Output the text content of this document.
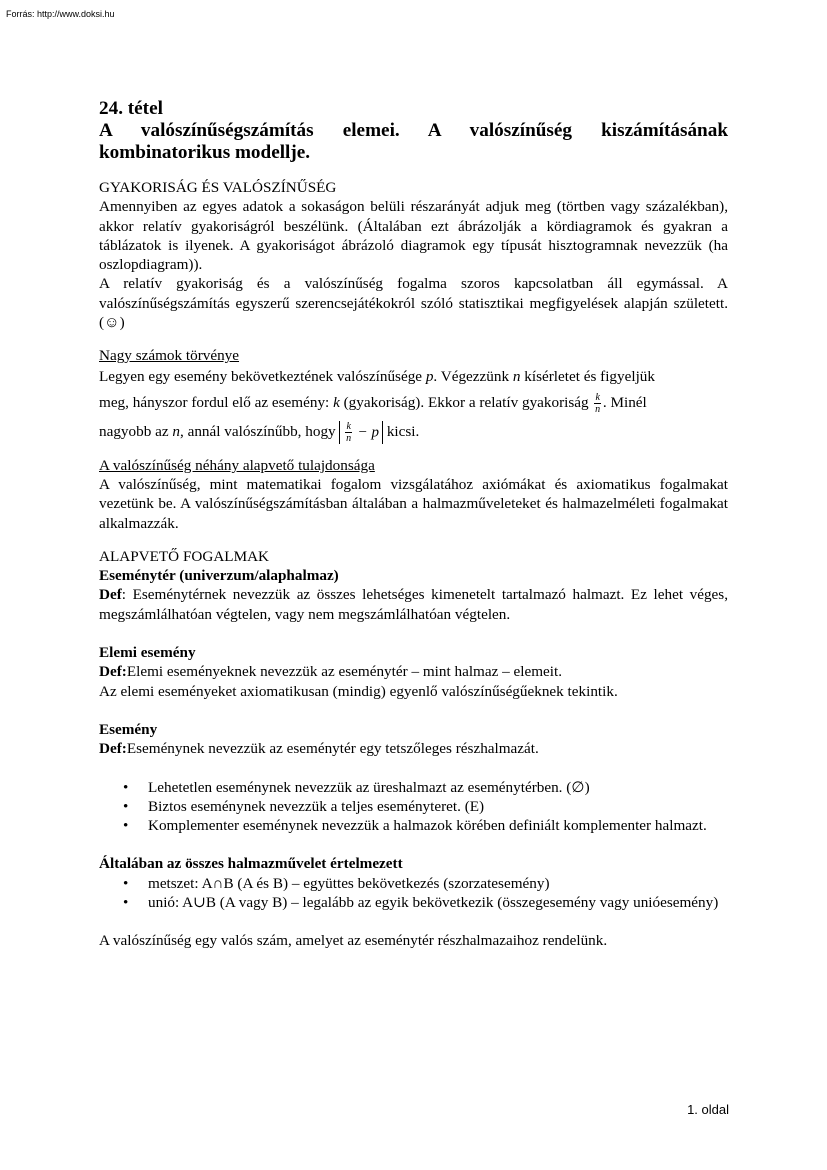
Forrás: http://www.doksi.hu

24. tétel

A valószínűségszámítás elemei. A valószínűség kiszámításának

kombinatorikus modellje.

GYAKORISÁG ÉS VALÓSZÍNŰSÉG

Amennyiben az egyes adatok a sokaságon belüli részarányát adjuk meg (törtben vagy százalékban), akkor relatív gyakoriságról beszélünk. (Általában ezt ábrázolják a kördiagramok és gyakran a táblázatok is ilyenek. A gyakoriságot ábrázoló diagramok egy típusát hisztogramnak nevezzük (ha oszlopdiagram)).

A relatív gyakoriság és a valószínűség fogalma szoros kapcsolatban áll egymással. A valószínűségszámítás egyszerű szerencsejátékokról szóló statisztikai megfigyelések alapján született. (☺)

Nagy számok törvénye

Legyen egy esemény bekövetkeztének valószínűsége p. Végezzünk n kísérletet és figyeljük

meg, hányszor fordul elő az esemény: k (gyakoriság). Ekkor a relatív gyakoriság $\frac{k}{n}$ . Minél

nagyobb az n, annál valószínűbb, hogy $\frac{k}{n} - p$ kicsi.

A valószínűség néhány alapvető tulajdonsága

A valószínűség, mint matematikai fogalom vizsgálatához axiómákat és axiomatikus fogalmakat vezetünk be. A valószínűségszámításban általában a halmazműveleteket és halmazelméleti fogalmakat alkalmazzák.

ALAPVETŐ FOGALMAK

Eseménytér (univerzum/alaphalmaz)

Def: Eseménytérnek nevezzük az összes lehetséges kimenetelt tartalmazó halmazt. Ez lehet véges, megszámlálhatóan végtelen, vagy nem megszámlálhatóan végtelen.

Elemi esemény

Def:Elemi eseményeknek nevezzük az eseménytér – mint halmaz – elemeit.

Az elemi eseményeket axiomatikusan (mindig) egyenlő valószínűségűeknek tekintik.

Esemény

Def:Eseménynek nevezzük az eseménytér egy tetszőleges részhalmazát.

• Lehetetlen eseménynek nevezzük az üreshalmazt az eseménytérben. (∅)
• Biztos eseménynek nevezzük a teljes eseményteret. (E)
• Komplementer eseménynek nevezzük a halmazok körében definiált komplementer halmazt.

Általában az összes halmazművelet értelmezett

• metszet: A∩B (A és B) – együttes bekövetkezés (szorzatesemény)
• unió: A∪B (A vagy B) – legalább az egyik bekövetkezik (összegesemény vagy unióesemény)

A valószínűség egy valós szám, amelyet az eseménytér részhalmazaihoz rendelünk.

1. oldal
